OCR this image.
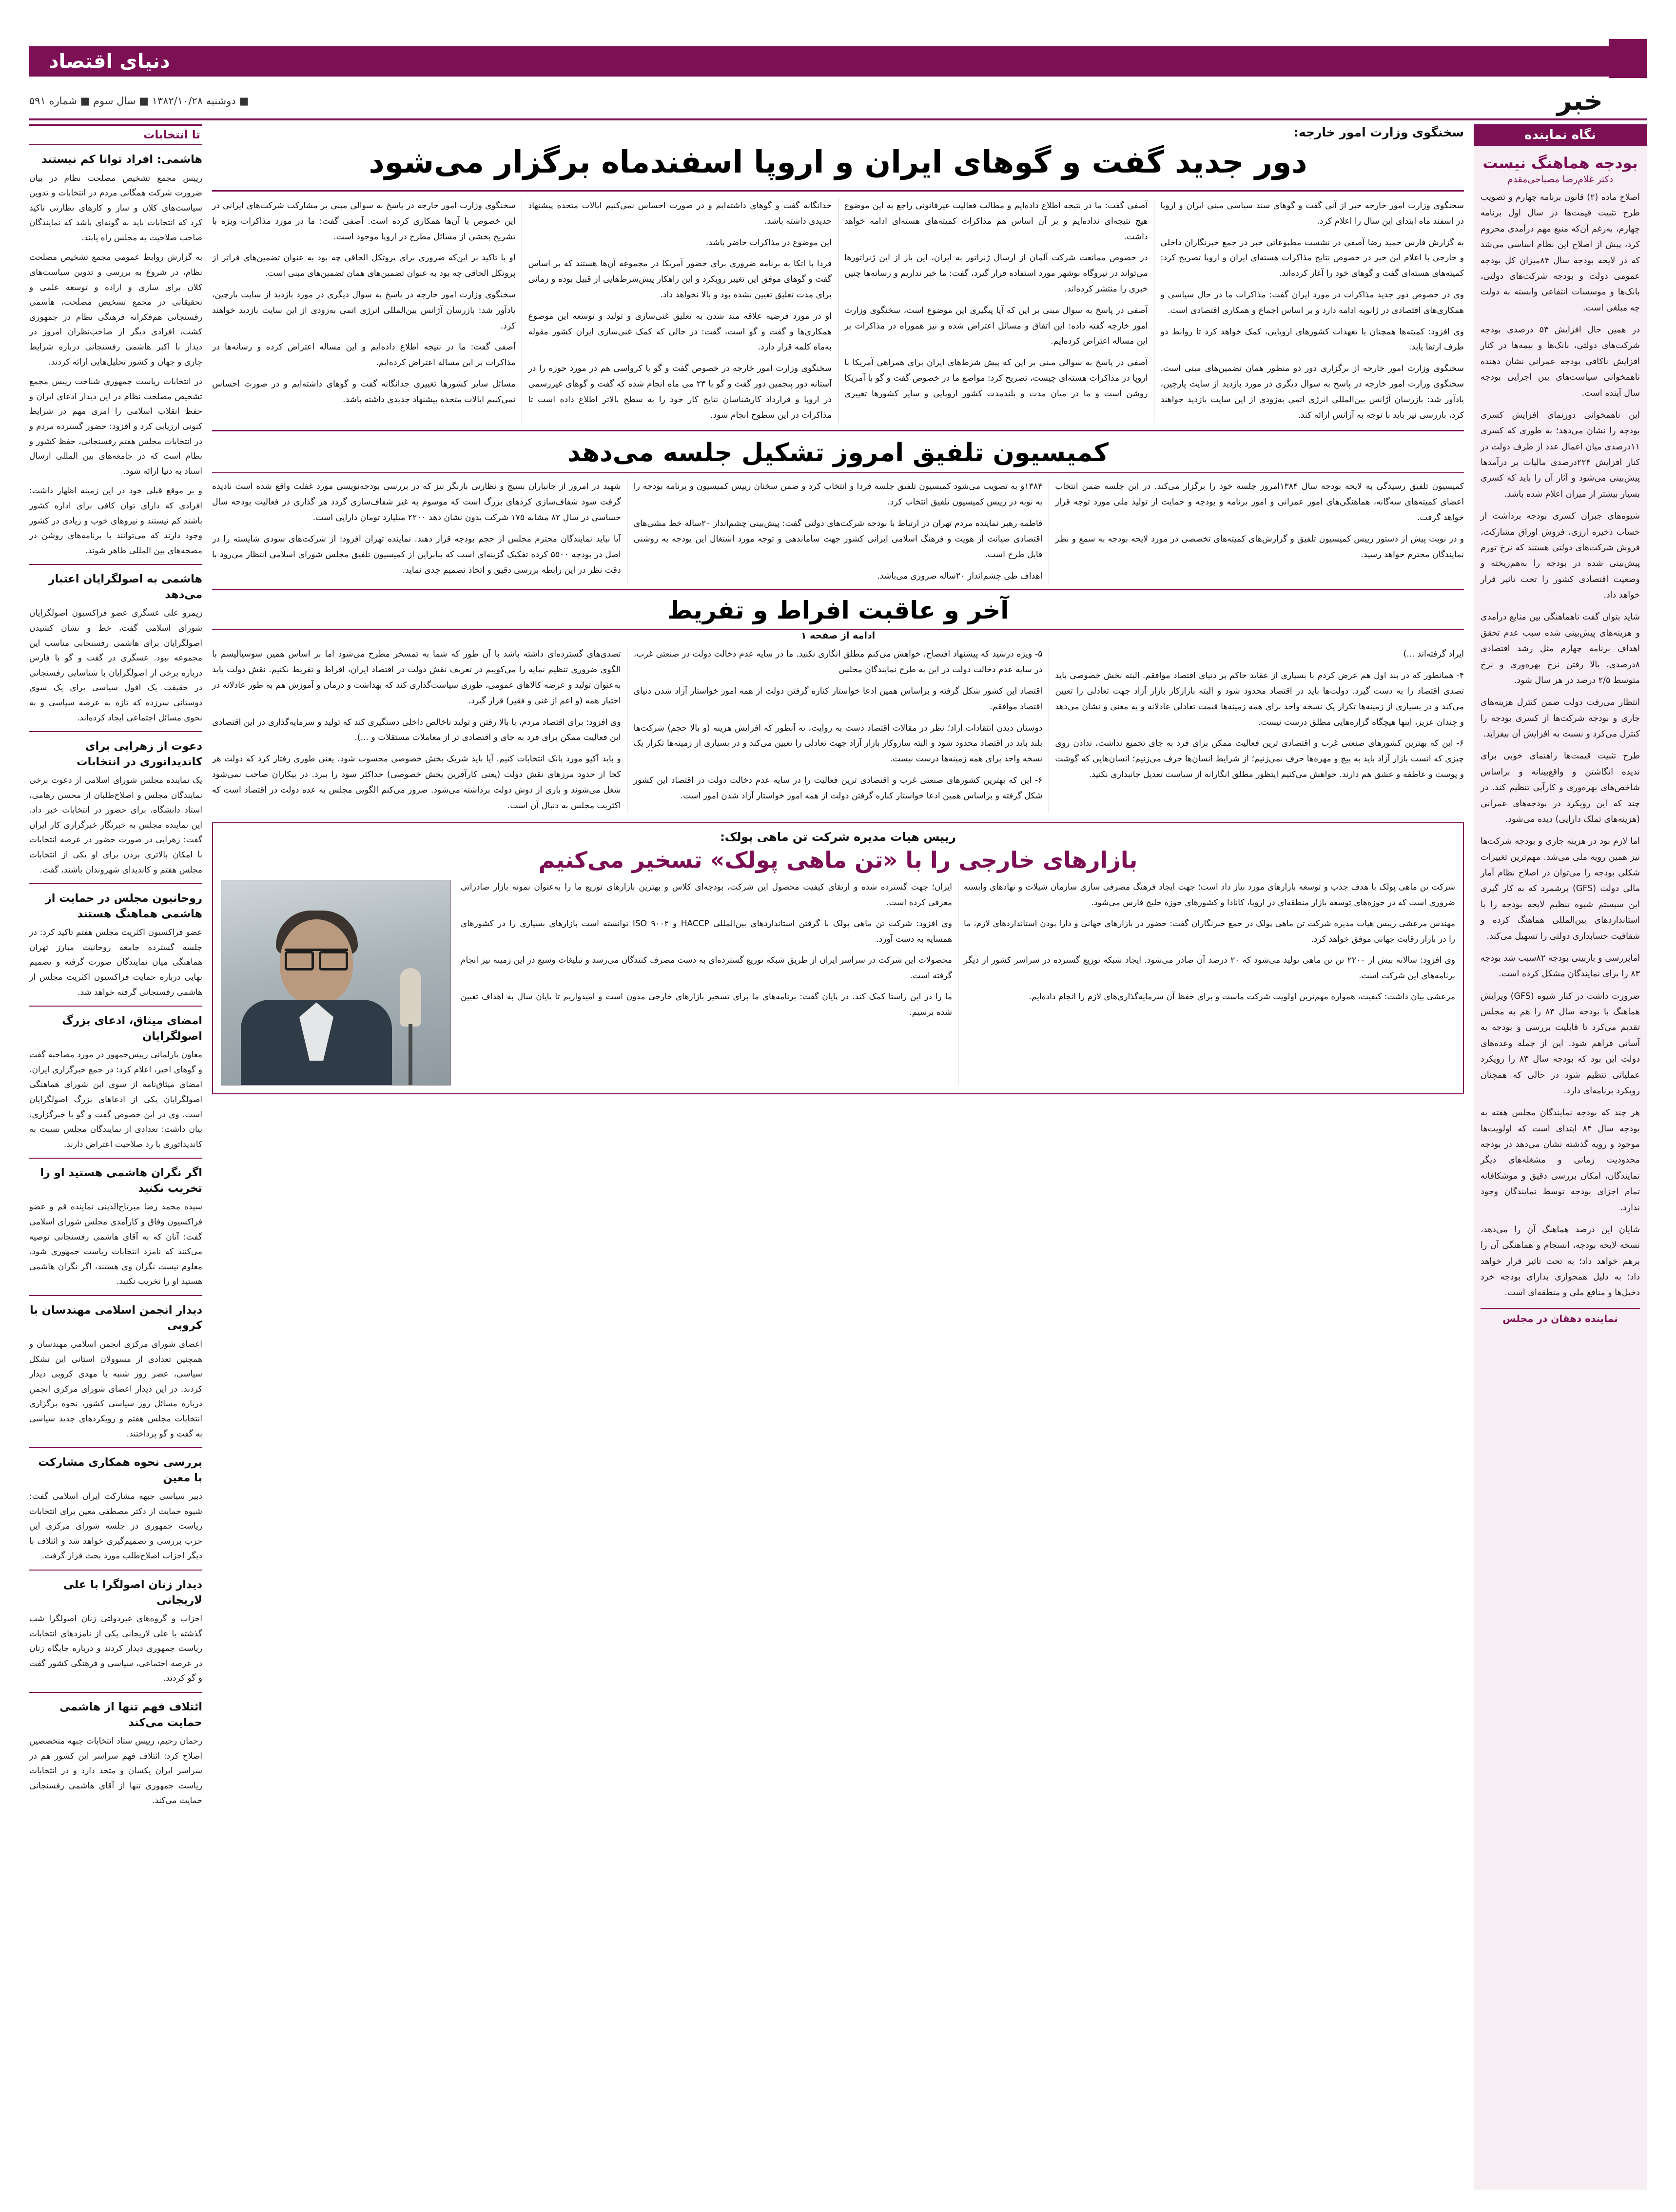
دنیای اقتصاد
خبر
■ دوشنبه ۱۳۸۲/۱۰/۲۸ ■ سال سوم ■ شماره ۵۹۱
نگاه نماینده
بودجه هماهنگ نیست
دکتر غلام‌رضا مصباحی‌مقدم

اصلاح ماده (۲) قانون برنامه چهارم و تصویب طرح تثبیت قیمت‌ها در سال اول برنامه چهارم، به‌رغم آن‌که منبع مهم درآمدی محروم کرد، پیش از اصلاح این نظام اساسی می‌شد که در لایحه بودجه سال ۸۴میزان کل بودجه عمومی دولت و بودجه شرکت‌های دولتی، بانک‌ها و موسسات انتفاعی وابسته به دولت چه مبلغی است.

در همین حال افزایش ۵۳ درصدی بودجه شرکت‌های دولتی، بانک‌ها و بیمه‌ها در کنار افزایش ناکافی بودجه عمرانی نشان دهنده ناهمخوانی سیاست‌های بین اجرایی بودجه سال آینده است.

این ناهمخوانی دورنمای افزایش کسری بودجه را نشان می‌دهد؛ به طوری که کسری ۱۱درصدی میان اعمال عدد از طرف دولت در کنار افزایش ۲۲۴درصدی مالیات بر درآمدها پیش‌بینی می‌شود و آثار آن را باید که کسری بسیار بیشتر از میزان اعلام شده باشد.

شیوه‌های جبران کسری بودجه برداشت از حساب ذخیره ارزی، فروش اوراق مشارکت، فروش شرکت‌های دولتی هستند که نرخ تورم پیش‌بینی شده در بودجه را به‌هم‌ریخته و وضعیت اقتصادی کشور را تحت تاثیر قرار خواهد داد.

شاید بتوان گفت ناهماهنگی بین منابع درآمدی و هزینه‌های پیش‌بینی شده سبب عدم تحقق اهداف برنامه چهارم مثل رشد اقتصادی ۸درصدی، بالا رفتن نرخ بهره‌وری و نرخ متوسط ۲/۵ درصد در هر سال شود.

انتظار می‌رفت دولت ضمن کنترل هزینه‌های جاری و بودجه شرکت‌ها از کسری بودجه را کنترل می‌کرد و نسبت به افزایش آن بیفزاید.

طرح تثبیت قیمت‌ها راهنمای خوبی برای ندیده انگاشتن و واقع‌بینانه و براساس شاخص‌های بهره‌وری و کارآیی تنظیم کند. در چند که این رویکرد در بودجه‌های عمرانی (هزینه‌های تملک دارایی) دیده می‌شود.

اما لازم بود در هزینه جاری و بودجه شرکت‌ها نیز همین رویه ملی می‌شد. مهم‌ترین تغییرات شکلی بودجه را می‌توان در اصلاح نظام آمار مالی دولت (GFS) برشمرد که به کار گیری این سیستم شیوه تنظیم لایحه بودجه را با استانداردهای بین‌المللی هماهنگ کرده و شفافیت حسابداری دولتی را تسهیل می‌کند.

امایررسی و بازبینی بودجه ۸۲سبب شد بودجه ۸۳ را برای نمایندگان مشکل کرده است.

ضرورت داشت در کنار شیوه (GFS) ویرایش هماهنگ با بودجه سال ۸۳ را هم به مجلس تقدیم می‌کرد تا قابلیت بررسی و بودجه به آسانی فراهم شود. این از جمله وعده‌های دولت این بود که بودجه سال ۸۳ را رویکرد عملیاتی تنظیم شود در حالی که همچنان رویکرد برنامه‌ای دارد.

هر چند که بودجه نمایندگان مجلس هفته به بودجه سال ۸۴ ابتدای است که اولویت‌ها موجود و رویه گذشته نشان می‌دهد در بودجه محدودیت زمانی و مشغله‌های دیگر نمایندگان، امکان بررسی دقیق و موشکافانه تمام اجزای بودجه توسط نمایندگان وجود ندارد.

شایان این درصد هماهنگ آن را می‌دهد، نسخه لایحه بودجه، انسجام و هماهنگی آن را برهم خواهد داد؛ به تحت تاثیر قرار خواهد داد؛ به دلیل همجواری بدارای بودجه خرد دخیل‌ها و منافع ملی و منطقه‌ای است.

نماینده دهقان در مجلس
تا انتخابات
هاشمی: افراد توانا کم نیستند

رییس مجمع تشخیص مصلحت نظام در بیان ضرورت شرکت همگانی مردم در انتخابات و تدوین سیاست‌های کلان و ساز و کارهای نظارتی تاکید کرد که انتخابات باید به گونه‌ای باشد که نمایندگان صاحب صلاحیت به مجلس راه یابند.

به گزارش روابط عمومی مجمع تشخیص مصلحت نظام، در شروع به بررسی و تدوین سیاست‌های کلان برای سازی و اراده و توسعه علمی و تحقیقاتی در مجمع تشخیص مصلحت، هاشمی رفسنجانی هم‌فکرانه فرهنگی نظام در جمهوری کشت، افرادی دیگر از صاحب‌نظران امروز در دیدار با اکبر هاشمی رفسنجانی درباره شرایط چاری و جهان و کشور تحلیل‌هایی ارائه کردند.

در انتخابات ریاست جمهوری شناخت رییس مجمع تشخیص مصلحت نظام در این دیدار ادعای ایران و حفظ انقلاب اسلامی را امری مهم در شرایط کنونی ارزیابی کرد و افزود: حضور گسترده مردم و در انتخابات مجلس هفتم رفسنجانی، حفظ کشور و نظام است که در جامعه‌های بین المللی ارسال اسناد به دنیا ارائه شود.

و بر موقع قبلی خود در این زمینه اظهار داشت: افرادی که دارای توان کافی برای اداره کشور باشند کم نیستند و نیروهای خوب و زیادی در کشور وجود دارند که می‌توانند با برنامه‌های روشن در مصحه‌های بین المللی ظاهر شوند.

هاشمی به اصولگرایان اعتبار می‌دهد

ژیمرو علی عسگری عضو فراکسیون اصولگرایان شورای اسلامی گفت، خط و نشان کشیدن اصولگرایان برای هاشمی رفسنجانی مناسب این مجموعه نبود. عسگری در گفت و گو با فارس درباره برخی از اصولگرایان با شناسایی رفسنجانی در حقیقت یک افول سیاسی برای یک سوی دوستانی سرزده که تازه به عرصه سیاسی و به نحوی مسائل اجتماعی ایجاد کرده‌اند.

دعوت از زهرایی برای کاندیداتوری در انتخابات

یک نماینده مجلس شورای اسلامی از دعوت برخی نمایندگان مجلس و اصلاح‌طلبان از محسن رهامی، استاد دانشگاه، برای حضور در انتخابات خبر داد. این نماینده مجلس به خبرنگار خبرگزاری کار ایران گفت: زهرایی در صورت حضور در عرصه انتخابات با امکان بالاتری بردن برای او یکی از انتخابات مجلس هفتم و کاندیدای شهروندان باشند، گفت.

روحانیون مجلس در حمایت از هاشمی هماهنگ هستند

عضو فراکسیون اکثریت مجلس هفتم تاکید کرد: در جلسه گسترده جامعه روحانیت مبارز تهران هماهنگی میان نمایندگان صورت گرفته و تصمیم نهایی درباره حمایت فراکسیون اکثریت مجلس از هاشمی رفسنجانی گرفته خواهد شد.

امضای میثاق، ادعای بزرگ اصولگرایان

معاون پارلمانی رییس‌جمهور در مورد مصاحبه گفت و گوهای اخیر، اعلام کرد: در جمع خبرگزاری ایران، امضای میثاق‌نامه از سوی این شورای هماهنگی اصولگرایان یکی از ادعاهای بزرگ اصولگرایان است. وی در این خصوص گفت و گو با خبرگزاری، بیان داشت: تعدادی از نمایندگان مجلس نسبت به کاندیداتوری یا رد صلاحیت اعتراض دارند.

اگر نگران هاشمی هستید او را تخریب نکنید

سیده محمد رضا میرتاج‌الدینی نماینده قم و عضو فراکسیون وفاق و کارآمدی مجلس شورای اسلامی گفت: آنان که به آقای هاشمی رفسنجانی توصیه می‌کنند که نامزد انتخابات ریاست جمهوری شود، معلوم نیست نگران وی هستند، اگر نگران هاشمی هستید او را تخریب نکنید.

دیدار انجمن اسلامی مهندسان با کروبی

اعضای شورای مرکزی انجمن اسلامی مهندسان و همچنین تعدادی از مسوولان استانی این تشکل سیاسی، عصر روز شنبه با مهدی کروبی دیدار کردند. در این دیدار اعضای شورای مرکزی انجمن درباره مسائل روز سیاسی کشور، نحوه برگزاری انتخابات مجلس هفتم و رویکردهای جدید سیاسی به گفت و گو پرداختند.

بررسی نحوه همکاری مشارکت با معین

دبیر سیاسی جبهه مشارکت ایران اسلامی گفت: شیوه حمایت از دکتر مصطفی معین برای انتخابات ریاست جمهوری در جلسه شورای مرکزی این حزب بررسی و تصمیم‌گیری خواهد شد و ائتلاف با دیگر احزاب اصلاح‌طلب مورد بحث قرار گرفت.

دیدار زنان اصولگرا با علی لاریجانی

احزاب و گروه‌های غیردولتی زنان اصولگرا شب گذشته با علی لاریجانی یکی از نامزدهای انتخابات ریاست جمهوری دیدار کردند و درباره جایگاه زنان در عرصه اجتماعی، سیاسی و فرهنگی کشور گفت و گو کردند.

ائتلاف فهم تنها از هاشمی حمایت می‌کند

رحمان رحیم، رییس ستاد انتخابات جبهه متخصصین اصلاح کرد: ائتلاف فهم سراسر این کشور هم در سراسر ایران یکسان و متحد دارد و در انتخابات ریاست جمهوری تنها از آقای هاشمی رفسنجانی حمایت می‌کند.

سخنگوی وزارت امور خارجه:
دور جدید گفت و گوهای ایران و اروپا اسفندماه برگزار می‌شود

سخنگوی وزارت امور خارجه خبر از آنی گفت و گوهای سند سیاسی مبنی ایران و اروپا در اسفند ماه ابتدای این سال را اعلام کرد.

به گزارش فارس حمید رضا آصفی در نشست مطبوعاتی خبر در جمع خبرنگاران داخلی و خارجی با اعلام این خبر در خصوص نتایج مذاکرات هسته‌ای ایران و اروپا تصریح کرد: کمیته‌های هسته‌ای گفت و گوهای خود را آغاز کرده‌اند.

وی در خصوص دور جدید مذاکرات در مورد ایران گفت: مذاکرات ما در حال سیاسی و همکاری‌های اقتصادی در ژانویه ادامه دارد و بر اساس اجماع و همکاری اقتصادی است.

وی افزود: کمیته‌ها همچنان با تعهدات کشورهای اروپایی، کمک خواهد کرد تا روابط دو طرف ارتقا یابد.

سخنگوی وزارت امور خارجه از برگزاری دور دو منظور همان تضمین‌های مبنی است. سخنگوی وزارت امور خارجه در پاسخ به سوال دیگری در مورد بازدید از سایت پارچین، یادآور شد: بازرسان آژانس بین‌المللی انرژی اتمی به‌زودی از این سایت بازدید خواهند کرد، بازرسی نیز باید با توجه به آژانس ارائه کند.

آصفی گفت: ما در نتیجه اطلاع داده‌ایم و مطالب فعالیت غیرقانونی راجع به این موضوع هیچ نتیجه‌ای نداده‌ایم و بر آن اساس هم مذاکرات کمیته‌های هسته‌ای ادامه خواهد داشت.

در خصوص ممانعت شرکت آلمان از ارسال ژنراتور به ایران، این بار از این ژنراتورها می‌تواند در نیروگاه بوشهر مورد استفاده قرار گیرد، گفت: ما خبر نداریم و رسانه‌ها چنین خبری را منتشر کرده‌اند.

آصفی در پاسخ به سوال مبنی بر این که آیا پیگیری این موضوع است، سخنگوی وزارت امور خارجه گفته داده: این اتفاق و مسائل اعتراض شده و نیز هموراه در مذاکرات بر این مساله اعتراض کرده‌ایم.

آصفی در پاسخ به سوالی مبنی بر این که پیش شرط‌های ایران برای همراهی آمریکا با اروپا در مذاکرات هسته‌ای چیست، تصریح کرد: مواضع ما در خصوص گفت و گو با آمریکا روشن است و ما در میان مدت و بلندمدت کشور اروپایی و سایر کشورها تغییری جدانگانه گفت و گو‌های داشته‌ایم و در صورت احساس نمی‌کنیم ایالات متحده پیشنهاد جدیدی داشته باشد.

این موضوع در مذاکرات حاضر باشد.

فردا با اتکا به برنامه ضروری برای حضور آمریکا در مجموعه آن‌ها هستند که بر اساس گفت و گوهای موفق این تغییر رویکرد و این راهکار پیش‌شرط‌هایی از قبیل بوده و زمانی برای مدت تعلیق تعیین نشده بود و بالا نخواهد داد.

او در مورد فرضیه علاقه مند شدن به تعلیق غنی‌سازی و تولید و توسعه این موضوع همکاری‌ها و گفت و گو است، گفت: در حالی که کمک غنی‌سازی ایران کشور مقوله به‌ماه کلمه قرار دارد.

سخنگوی وزارت امور خارجه در خصوص گفت و گو با کرواسی هم در مورد حوزه را در آستانه دور پنجمین دور گفت و گو با ۲۳ می ماه انجام شده که گفت و گوهای غیررسمی در اروپا و قرارداد کارشناسان نتایج کار خود را به سطح بالاتر اطلاع داده است تا مذاکرات در این سطوح انجام شود.

سخنگوی وزارت امور خارجه در پاسخ به سوالی مبنی بر مشارکت شرکت‌های ایرانی در این خصوص با آن‌ها همکاری کرده است. آصفی گفت: ما در مورد مذاکرات ویژه با تشریح بخشی از مسائل مطرح در اروپا موجود است.

او با تاکید بر این‌که ضروری برای پروتکل الحاقی چه بود به عنوان تضمین‌های فراتر از پروتکل الحاقی چه بود به عنوان تضمین‌های همان تضمین‌های مبنی است.

سخنگوی وزارت امور خارجه در پاسخ به سوال دیگری در مورد بازدید از سایت پارچین، یادآور شد: بازرسان آژانس بین‌المللی انرژی اتمی به‌زودی از این سایت بازدید خواهند کرد.

آصفی گفت: ما در نتیجه اطلاع داده‌ایم و این مساله اعتراض کرده و رسانه‌ها در مذاکرات بر این مساله اعتراض کرده‌ایم.

مسائل سایر کشورها تغییری جدانگانه گفت و گو‌های داشته‌ایم و در صورت احساس نمی‌کنیم ایالات متحده پیشنهاد جدیدی داشته باشد.

کمیسیون تلفیق امروز تشکیل جلسه می‌دهد

کمیسیون تلفیق رسیدگی به لایحه بودجه سال ۱۳۸۴امروز جلسه خود را برگزار می‌کند. در این جلسه ضمن انتخاب اعضای کمیته‌های سه‌گانه، هماهنگی‌های امور عمرانی و امور برنامه و بودجه و حمایت از تولید ملی مورد توجه قرار خواهد گرفت.

و در نوبت پیش از دستور رییس کمیسیون تلفیق و گزارش‌های کمیته‌های تخصصی در مورد لایحه بودجه به سمع و نظر نمایندگان محترم خواهد رسید.

۱۳۸۴و به تصویب می‌شود کمیسیون تلفیق جلسه فردا و انتخاب کرد و ضمن سخنان رییس کمیسیون و برنامه بودجه را به نوبه در رییس کمیسیون تلفیق انتخاب کرد.

فاطمه رهبر نماینده مردم تهران در ارتباط با بودجه شرکت‌های دولتی گفت: پیش‌بینی چشم‌انداز ۲۰ساله خط مشی‌های اقتصادی صیانت از هویت و فرهنگ اسلامی ایرانی کشور جهت ساماندهی و توجه مورد اشتغال این بودجه به روشنی قابل طرح است.

اهداف طی چشم‌انداز ۲۰ساله ضروری می‌باشد.

شهید در امروز از جانباران بسیج و نظارتی بازنگر نیز که در بررسی بودجه‌نویسی مورد غفلت واقع شده است نادیده گرفت سود شفاف‌سازی کردهای بزرگ است که موسوم به غیر شفاف‌سازی گردد هر گذاری در فعالیت بودجه سال حساسی در سال ۸۲ مشابه ۱۷۵ شرکت بدون نشان دهد ۲۲۰۰ میلیارد تومان دارایی است.

آیا نباید نمایندگان محترم مجلس از حجم بودجه قرار دهند. نماینده تهران افزود: از شرکت‌های سودی شایسته را در اصل در بودجه ۵۵۰۰ کرده تفکیک گزینه‌ای است که بنابراین از کمیسیون تلفیق مجلس شورای اسلامی انتظار می‌رود با دقت نظر در این رابطه بررسی دقیق و اتخاذ تصمیم جدی نماید.

آخر و عاقبت افراط و تفریط
ادامه از صفحه ۱

ایراد گرفته‌اند ...)

۴- همانطور که در بند اول هم عرض کردم با بسیاری از عقاید حاکم بر دنیای اقتصاد موافقم. البته بخش خصوصی باید تصدی اقتصاد را به دست گیرد. دولت‌ها باید در اقتصاد محدود شود و البته بازارکار بازار آزاد جهت تعادلی را تعیین می‌کند و در بسیاری از زمینه‌ها تکرار یک نسخه واحد برای همه زمینه‌ها قیمت تعادلی عادلانه و به معنی و نشان می‌دهد و چندان عزیز، اینها هیچگاه گزاره‌هایی مطلق درست نیست.

۶- این که بهترین کشورهای صنعتی غرب و اقتصادی ترین فعالیت ممکن برای فرد به جای تجمیع نداشت، ندادن روی چیزی که انست بازار آزاد باید به پیچ و مهره‌ها حرف نمی‌زنیم؛ از شرایط انسان‌ها حرف می‌زنیم؛ انسان‌هایی که گوشت و پوست و عاطفه و عشق هم دارند. خواهش می‌کنیم ایتظور مطلق انگارانه از سیاست تعدیل جانبداری نکنید.

۵- ویژه درشید که پیشنهاد افتضاح، خواهش می‌کنم مطلق انگاری نکنید. ما در سایه عدم دخالت دولت در صنعتی غرب، در سایه عدم دخالت دولت در این به طرح نمایندگان مجلس

اقتصاد این کشور شکل گرفته و براساس همین ادعا خواستار کناره گرفتن دولت از همه امور خواستار آزاد شدن دنیای اقتصاد موافقم.

دوستان دیدن انتقادات ازاد؛ نظر در مقالات اقتصاد دست به روایت، نه آنطور که افزایش هزینه (و بالا حجم) شرکت‌ها بلند باید در اقتصاد محدود شود و البته سازوکار بازار آزاد جهت تعادلی را تعیین می‌کند و در بسیاری از زمینه‌ها تکرار یک نسخه واحد برای همه زمینه‌ها درست نیست.

۶- این که بهترین کشورهای صنعتی غرب و اقتصادی ترین فعالیت را در سایه عدم دخالت دولت در اقتصاد این کشور شکل گرفته و براساس همین ادعا خواستار کناره گرفتن دولت از همه امور خواستار آزاد شدن امور است.

تصدی‌های گسترده‌ای داشته باشد با آن طور که شما به تمسخر مطرح می‌شود اما بر اساس همین سوسیالیسم با الگوی ضروری تنظیم نمایه را می‌کوییم در تعریف نقش دولت در اقتصاد ایران، افراط و تفریط نکنیم. نقش دولت باید به‌عنوان تولید و عرضه کالاهای عمومی، طوری سیاست‌گذاری کند که بهداشت و درمان و آموزش هم به طور عادلانه در اختیار همه (و اعم از غنی و فقیر) قرار گیرد.

وی افزود: برای اقتصاد مردم، با بالا رفتن و تولید ناخالص داخلی دستگیری کند که تولید و سرمایه‌گذاری در این اقتصادی این فعالیت ممکن برای فرد به جای و اقتصادی تر از معاملات مستقلات و ...).

و باید آکیو مورد بانک انتخابات کنیم. آیا باید شریک بخش خصوصی محسوب شود، یعنی طوری رفتار کرد که دولت هر کجا از حدود مرزهای نقش دولت (یعنی کارآفرین بخش خصوصی) حداکثر سود را ببرد. در بیکاران صاحب نمی‌شود شغل می‌شوند و باری از دوش دولت برداشته می‌شود. ضرور می‌کنم الگویی مجلس به عده دولت در اقتصاد است که اکثریت مجلس به دنبال آن است.

رییس هیات مدیره شرکت تن ماهی پولک:
بازارهای خارجی را با «تن ماهی پولک» تسخیر می‌کنیم

شرکت تن ماهی پولک با هدف جذب و توسعه بازارهای مورد نیاز داد است؛ جهت ایجاد فرهنگ مصرفی سازی سازمان شیلات و نهادهای وابسته ضروری است که در حوزه‌های توسعه بازار منطقه‌ای در اروپا، کانادا و کشورهای حوزه خلیج فارس می‌شود.

مهندس مرعشی رییس هیات مدیره شرکت تن ماهی پولک در جمع خبرنگاران گفت: حضور در بازارهای جهانی و دارا بودن استانداردهای لازم، ما را در بازار رقابت جهانی موفق خواهد کرد.

وی افزود: سالانه بیش از ۲۲۰۰ تن تن ماهی تولید می‌شود که ۲۰ درصد آن صادر می‌شود. ایجاد شبکه توزیع گسترده در سراسر کشور از دیگر برنامه‌های این شرکت است.

مرعشی بیان داشت: کیفیت، همواره مهم‌ترین اولویت شرکت ماست و برای حفظ آن سرمایه‌گذاری‌های لازم را انجام داده‌ایم.

ایران؛ جهت گسترده شده و ارتقای کیفیت محصول این شرکت، بودجه‌ای کلاس و بهترین بازارهای توزیع ما را به‌عنوان نمونه بازار صادراتی معرفی کرده است.

وی افزود: شرکت تن ماهی پولک با گرفتن استانداردهای بین‌المللی HACCP و ISO ۹۰۰۲ توانسته است بازارهای بسیاری را در کشورهای همسایه به دست آورد.

محصولات این شرکت در سراسر ایران از طریق شبکه توزیع گسترده‌ای به دست مصرف کنندگان می‌رسد و تبلیغات وسیع در این زمینه نیز انجام گرفته است.

ما را در این راستا کمک کند. در پایان گفت: برنامه‌های ما برای تسخیر بازارهای خارجی مدون است و امیدواریم تا پایان سال به اهداف تعیین شده برسیم.
